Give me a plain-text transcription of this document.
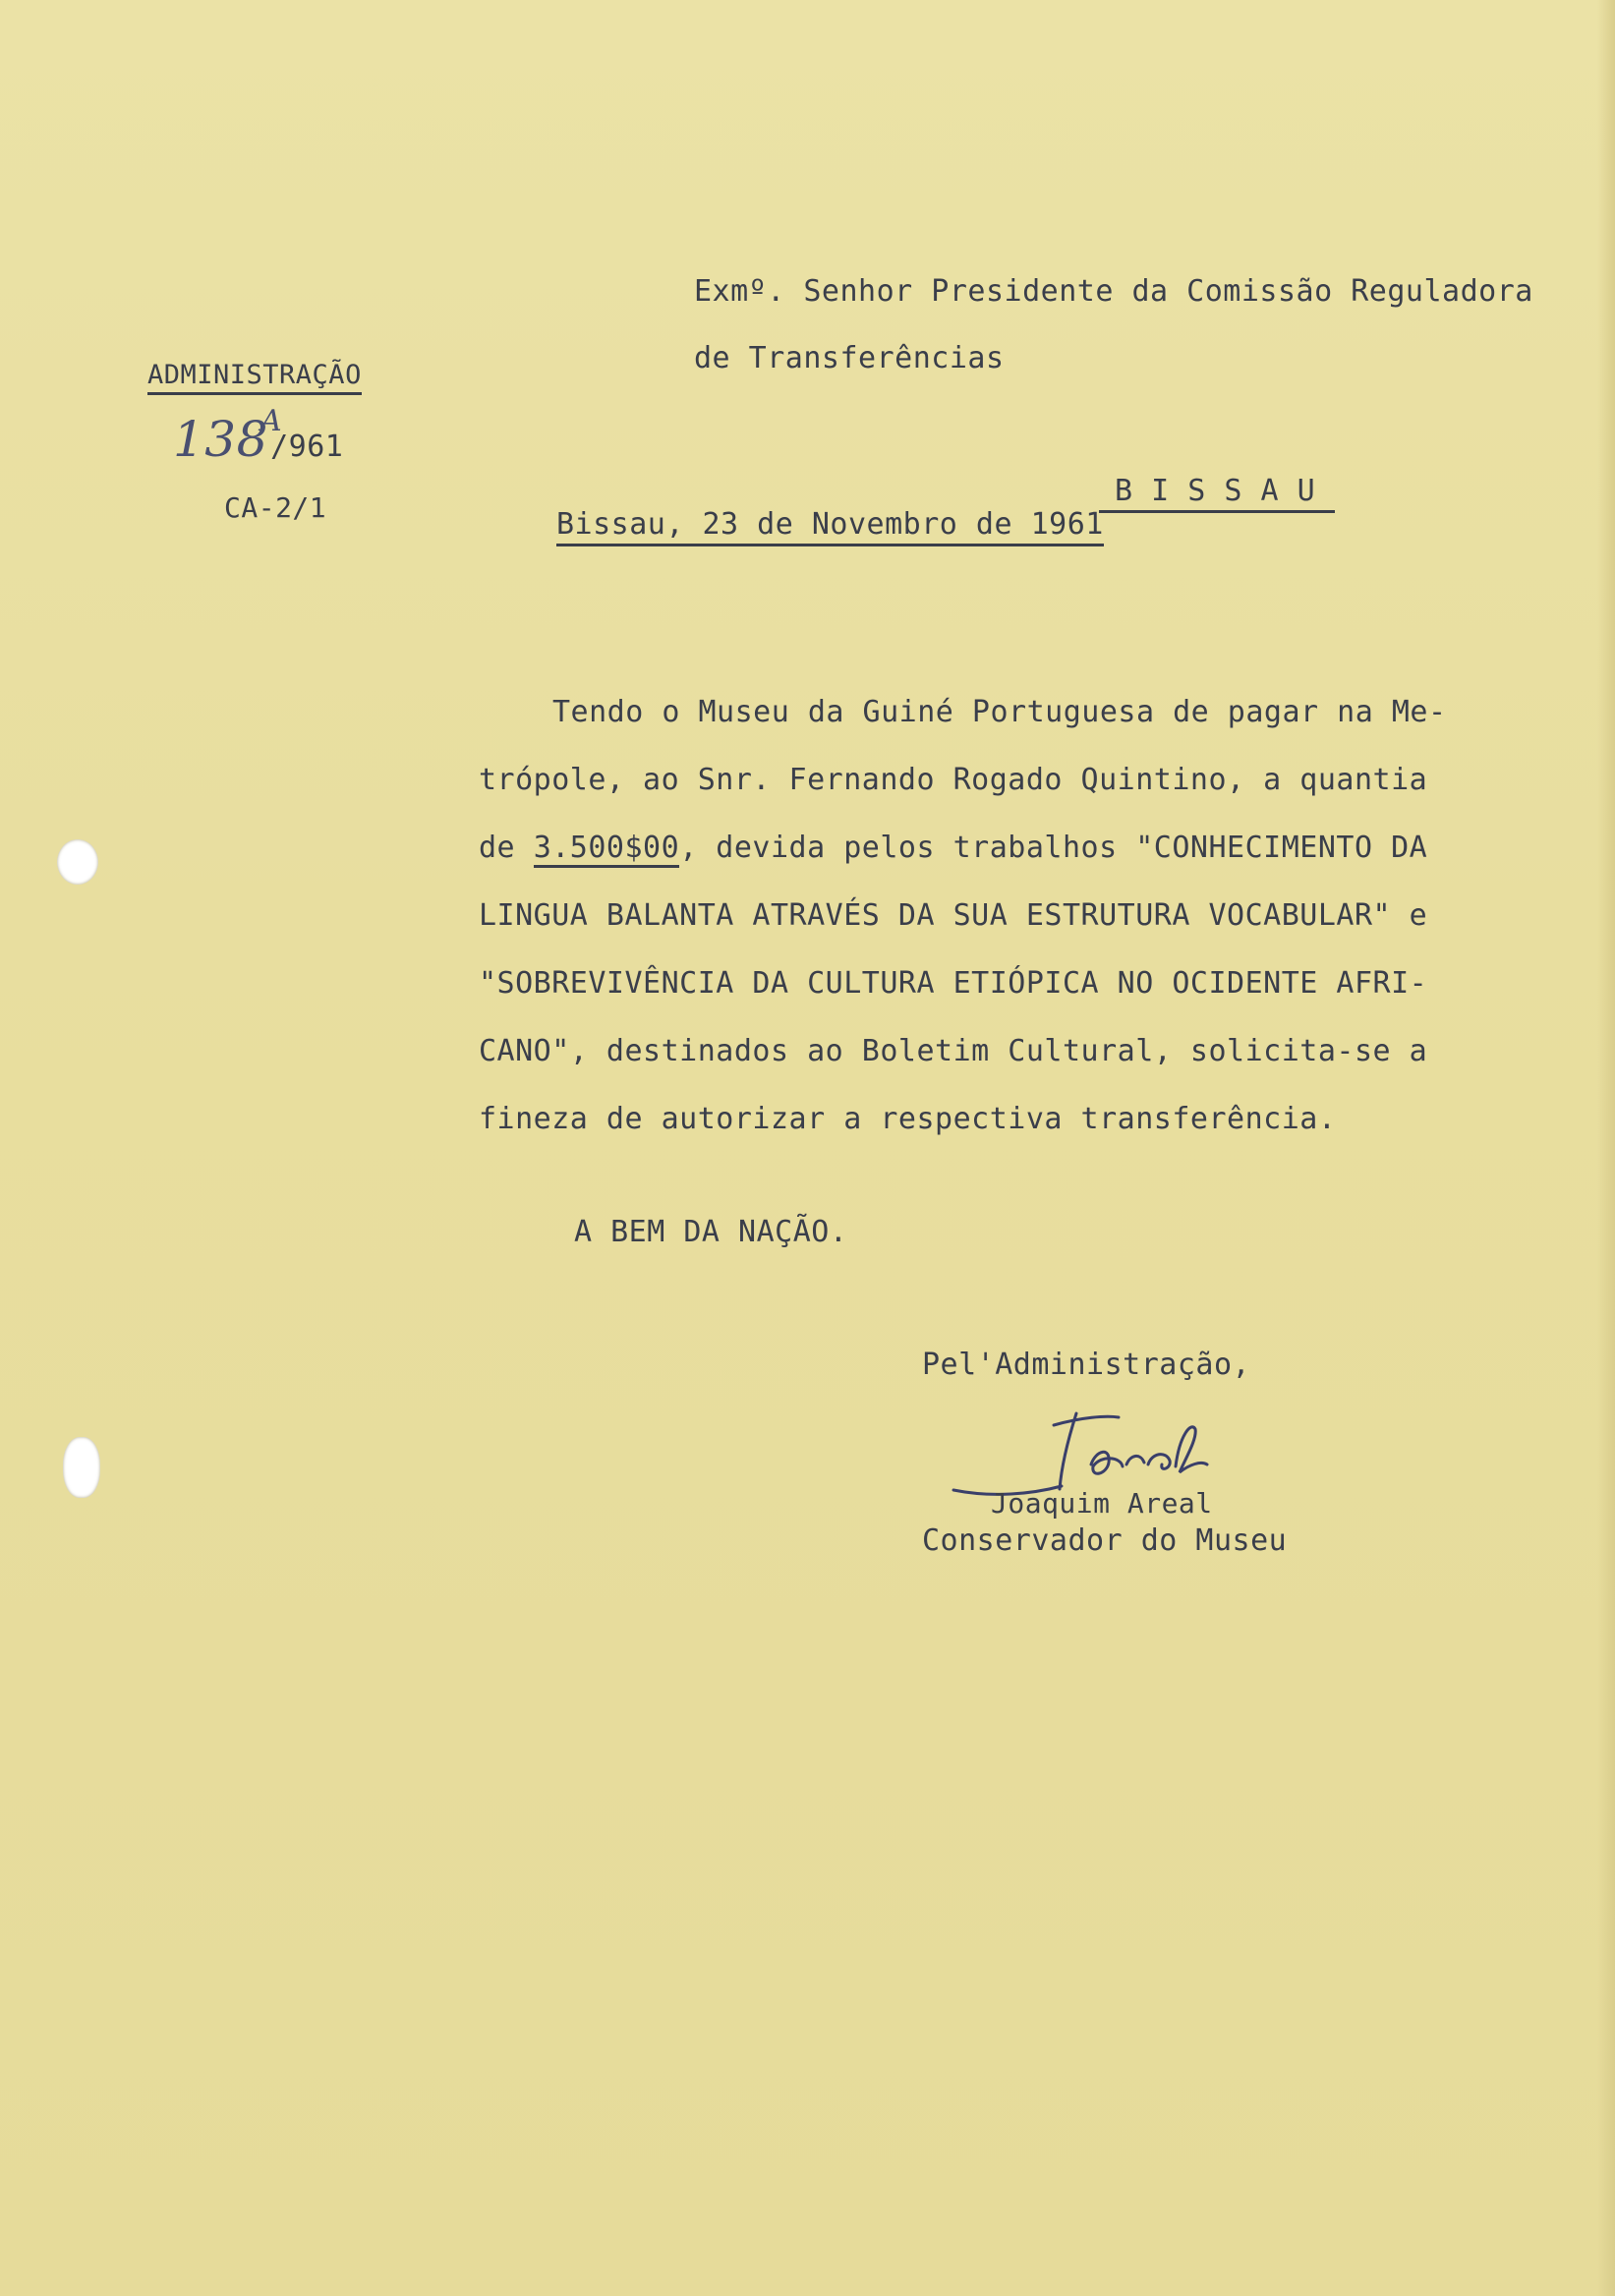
Exmº. Senhor Presidente da Comissão Reguladora
de Transferências
ADMINISTRAÇÃO
138A/961
CA-2/1	B I S S A U
Bissau, 23 de Novembro de 1961
Tendo o Museu da Guiné Portuguesa de pagar na Me-
trópole, ao Snr. Fernando Rogado Quintino, a quantia
de 3.500$00, devida pelos trabalhos "CONHECIMENTO DA
LINGUA BALANTA ATRAVÉS DA SUA ESTRUTURA VOCABULAR" e
"SOBREVIVÊNCIA DA CULTURA ETIÓPICA NO OCIDENTE AFRI-
CANO", destinados ao Boletim Cultural, solicita-se a
fineza de autorizar a respectiva transferência.
A BEM DA NAÇÃO.
Pel'Administração,
Joaquim Areal
Conservador do Museu
